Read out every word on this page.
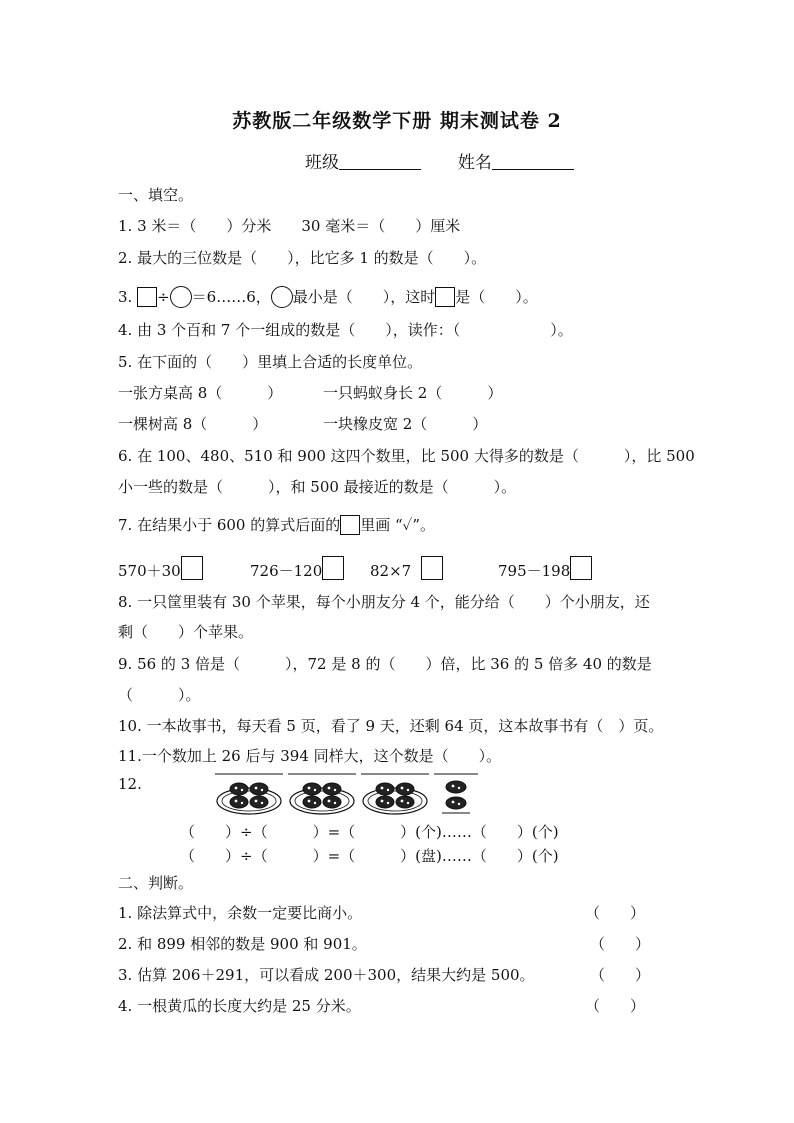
苏教版二年级数学下册 期末测试卷 2
班级	姓名
一、填空。
1. 3 米＝（　　）分米　　30 毫米＝（　　）厘米
2. 最大的三位数是（　　），比它多 1 的数是（　　）。
3. ÷ ＝6……6， 最小是（　　），这时 是（　　）。
4. 由 3 个百和 7 个一组成的数是（　　），读作：（　　　　　　）。
5. 在下面的（　　）里填上合适的长度单位。
一张方桌高 8（　　　）	一只蚂蚁身长 2（　　　）
一棵树高 8（　　　）	一块橡皮宽 2（　　　）
6. 在 100、480、510 和 900 这四个数里，比 500 大得多的数是（　　　），比 500
小一些的数是（　　　），和 500 最接近的数是（　　　）。
7. 在结果小于 600 的算式后面的 里画 “✓”。
570＋30	726－120	82×7	795－198
8. 一只筐里装有 30 个苹果，每个小朋友分 4 个，能分给（　　）个小朋友，还
剩（　　）个苹果。
9. 56 的 3 倍是（　　　），72 是 8 的（　　）倍，比 36 的 5 倍多 40 的数是
（　　　）。
10. 一本故事书，每天看 5 页，看了 9 天，还剩 64 页，这本故事书有（　）页。
11.一个数加上 26 后与 394 同样大，这个数是（　　）。
12.
（　　）÷（　　　）=（　　　）(个)……（　　）(个)
（　　）÷（　　　）=（　　　）(盘)……（　　）(个)
二、判断。
1. 除法算式中，余数一定要比商小。	（　　）
2. 和 899 相邻的数是 900 和 901。	（　　）
3. 估算 206＋291，可以看成 200＋300，结果大约是 500。	（　　）
4. 一根黄瓜的长度大约是 25 分米。	（　　）
